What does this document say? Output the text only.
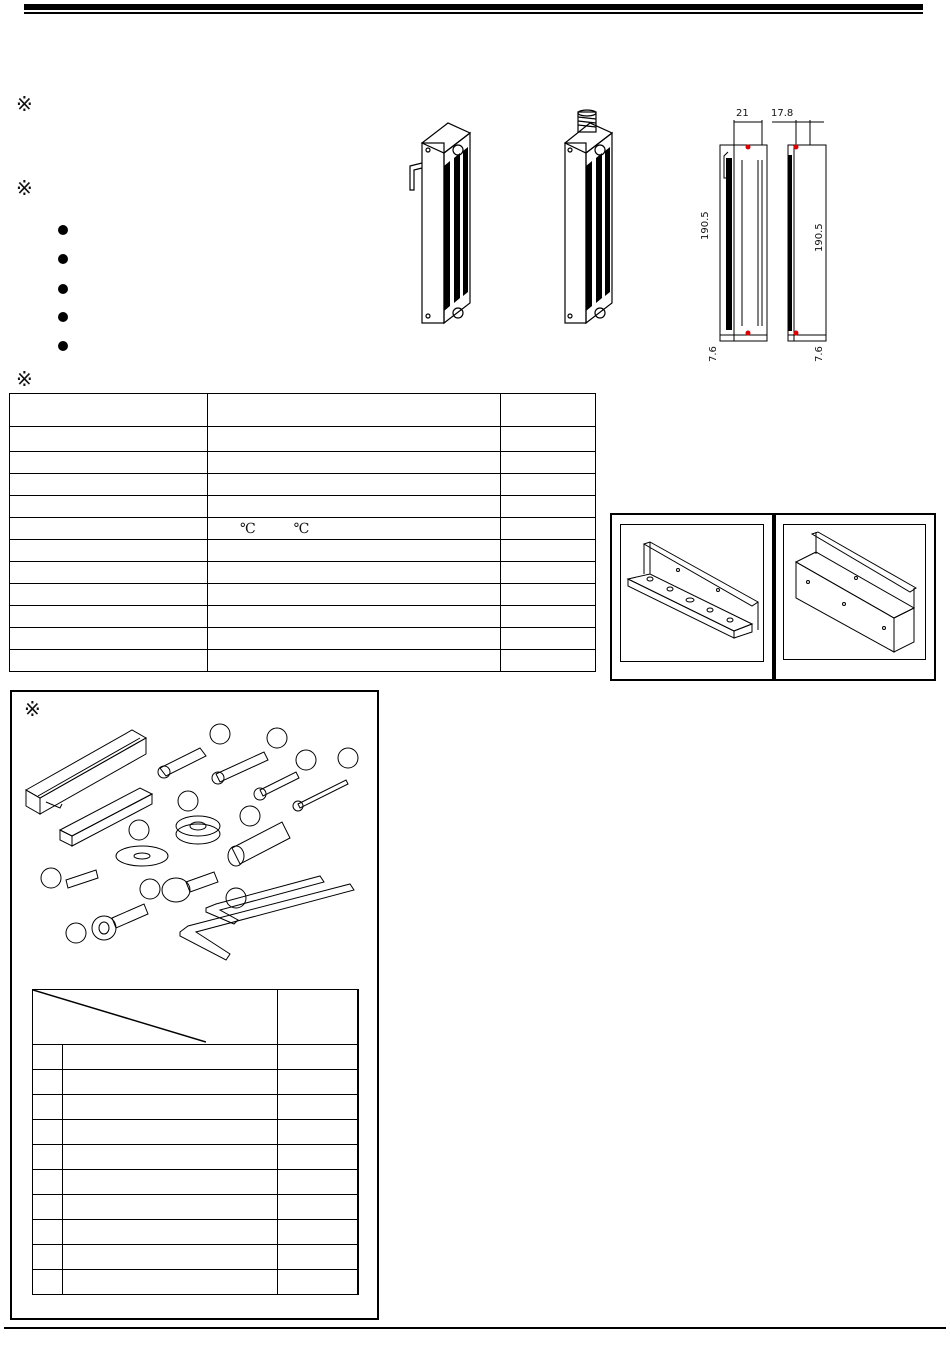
※
※
※
21 17.8
190.5	190.5
7.6	7.6

	℃ ℃	

※
